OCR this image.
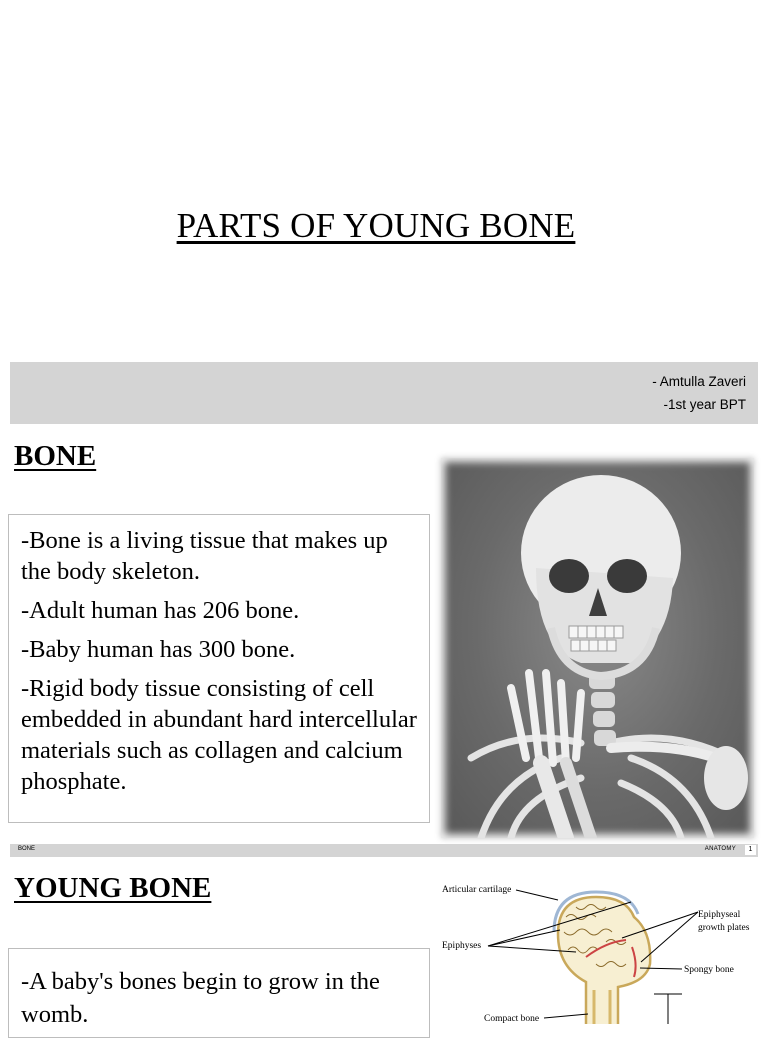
PARTS OF YOUNG BONE
- Amtulla Zaveri
-1st year BPT
BONE

-Bone is a living tissue that makes up the body skeleton.

-Adult human has 206 bone.

-Baby human has 300 bone.

-Rigid body tissue consisting of cell embedded in abundant hard intercellular materials such as collagen and calcium phosphate.

BONE	ANATOMY	1
YOUNG BONE

-A baby's bones begin to grow in the womb.

Articular cartilage
Epiphyses
Epiphyseal
growth plates
Spongy bone
Compact bone
